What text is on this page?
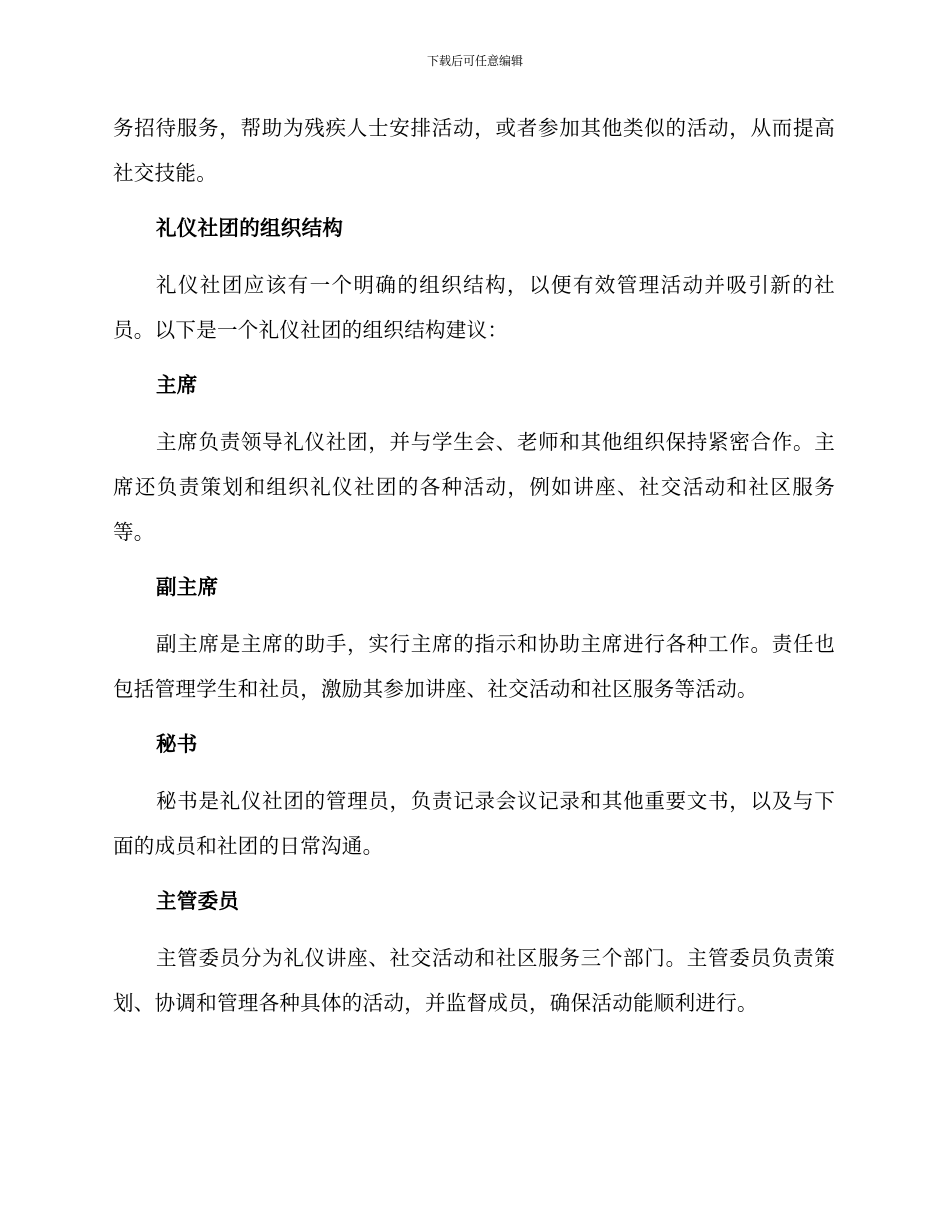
下载后可任意编辑

务招待服务，帮助为残疾人士安排活动，或者参加其他类似的活动，从而提高社交技能。

礼仪社团的组织结构

礼仪社团应该有一个明确的组织结构，以便有效管理活动并吸引新的社员。以下是一个礼仪社团的组织结构建议：

主席

主席负责领导礼仪社团，并与学生会、老师和其他组织保持紧密合作。主席还负责策划和组织礼仪社团的各种活动，例如讲座、社交活动和社区服务等。

副主席

副主席是主席的助手，实行主席的指示和协助主席进行各种工作。责任也包括管理学生和社员，激励其参加讲座、社交活动和社区服务等活动。

秘书

秘书是礼仪社团的管理员，负责记录会议记录和其他重要文书，以及与下面的成员和社团的日常沟通。

主管委员

主管委员分为礼仪讲座、社交活动和社区服务三个部门。主管委员负责策划、协调和管理各种具体的活动，并监督成员，确保活动能顺利进行。
